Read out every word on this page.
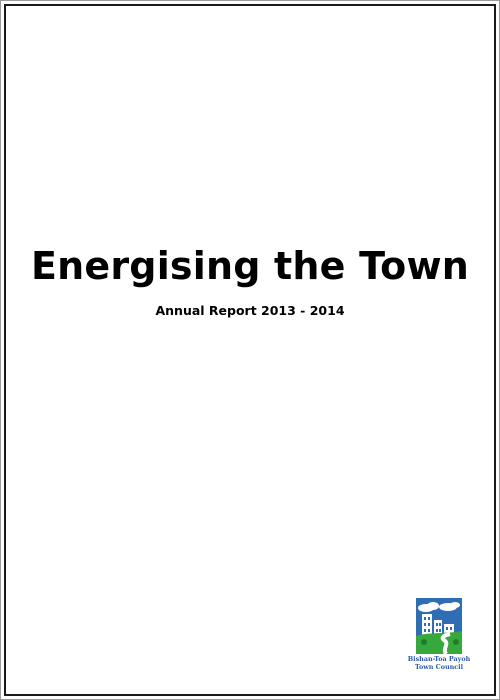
Energising the Town
Annual Report 2013 - 2014
Bishan-Toa Payoh
Town Council
